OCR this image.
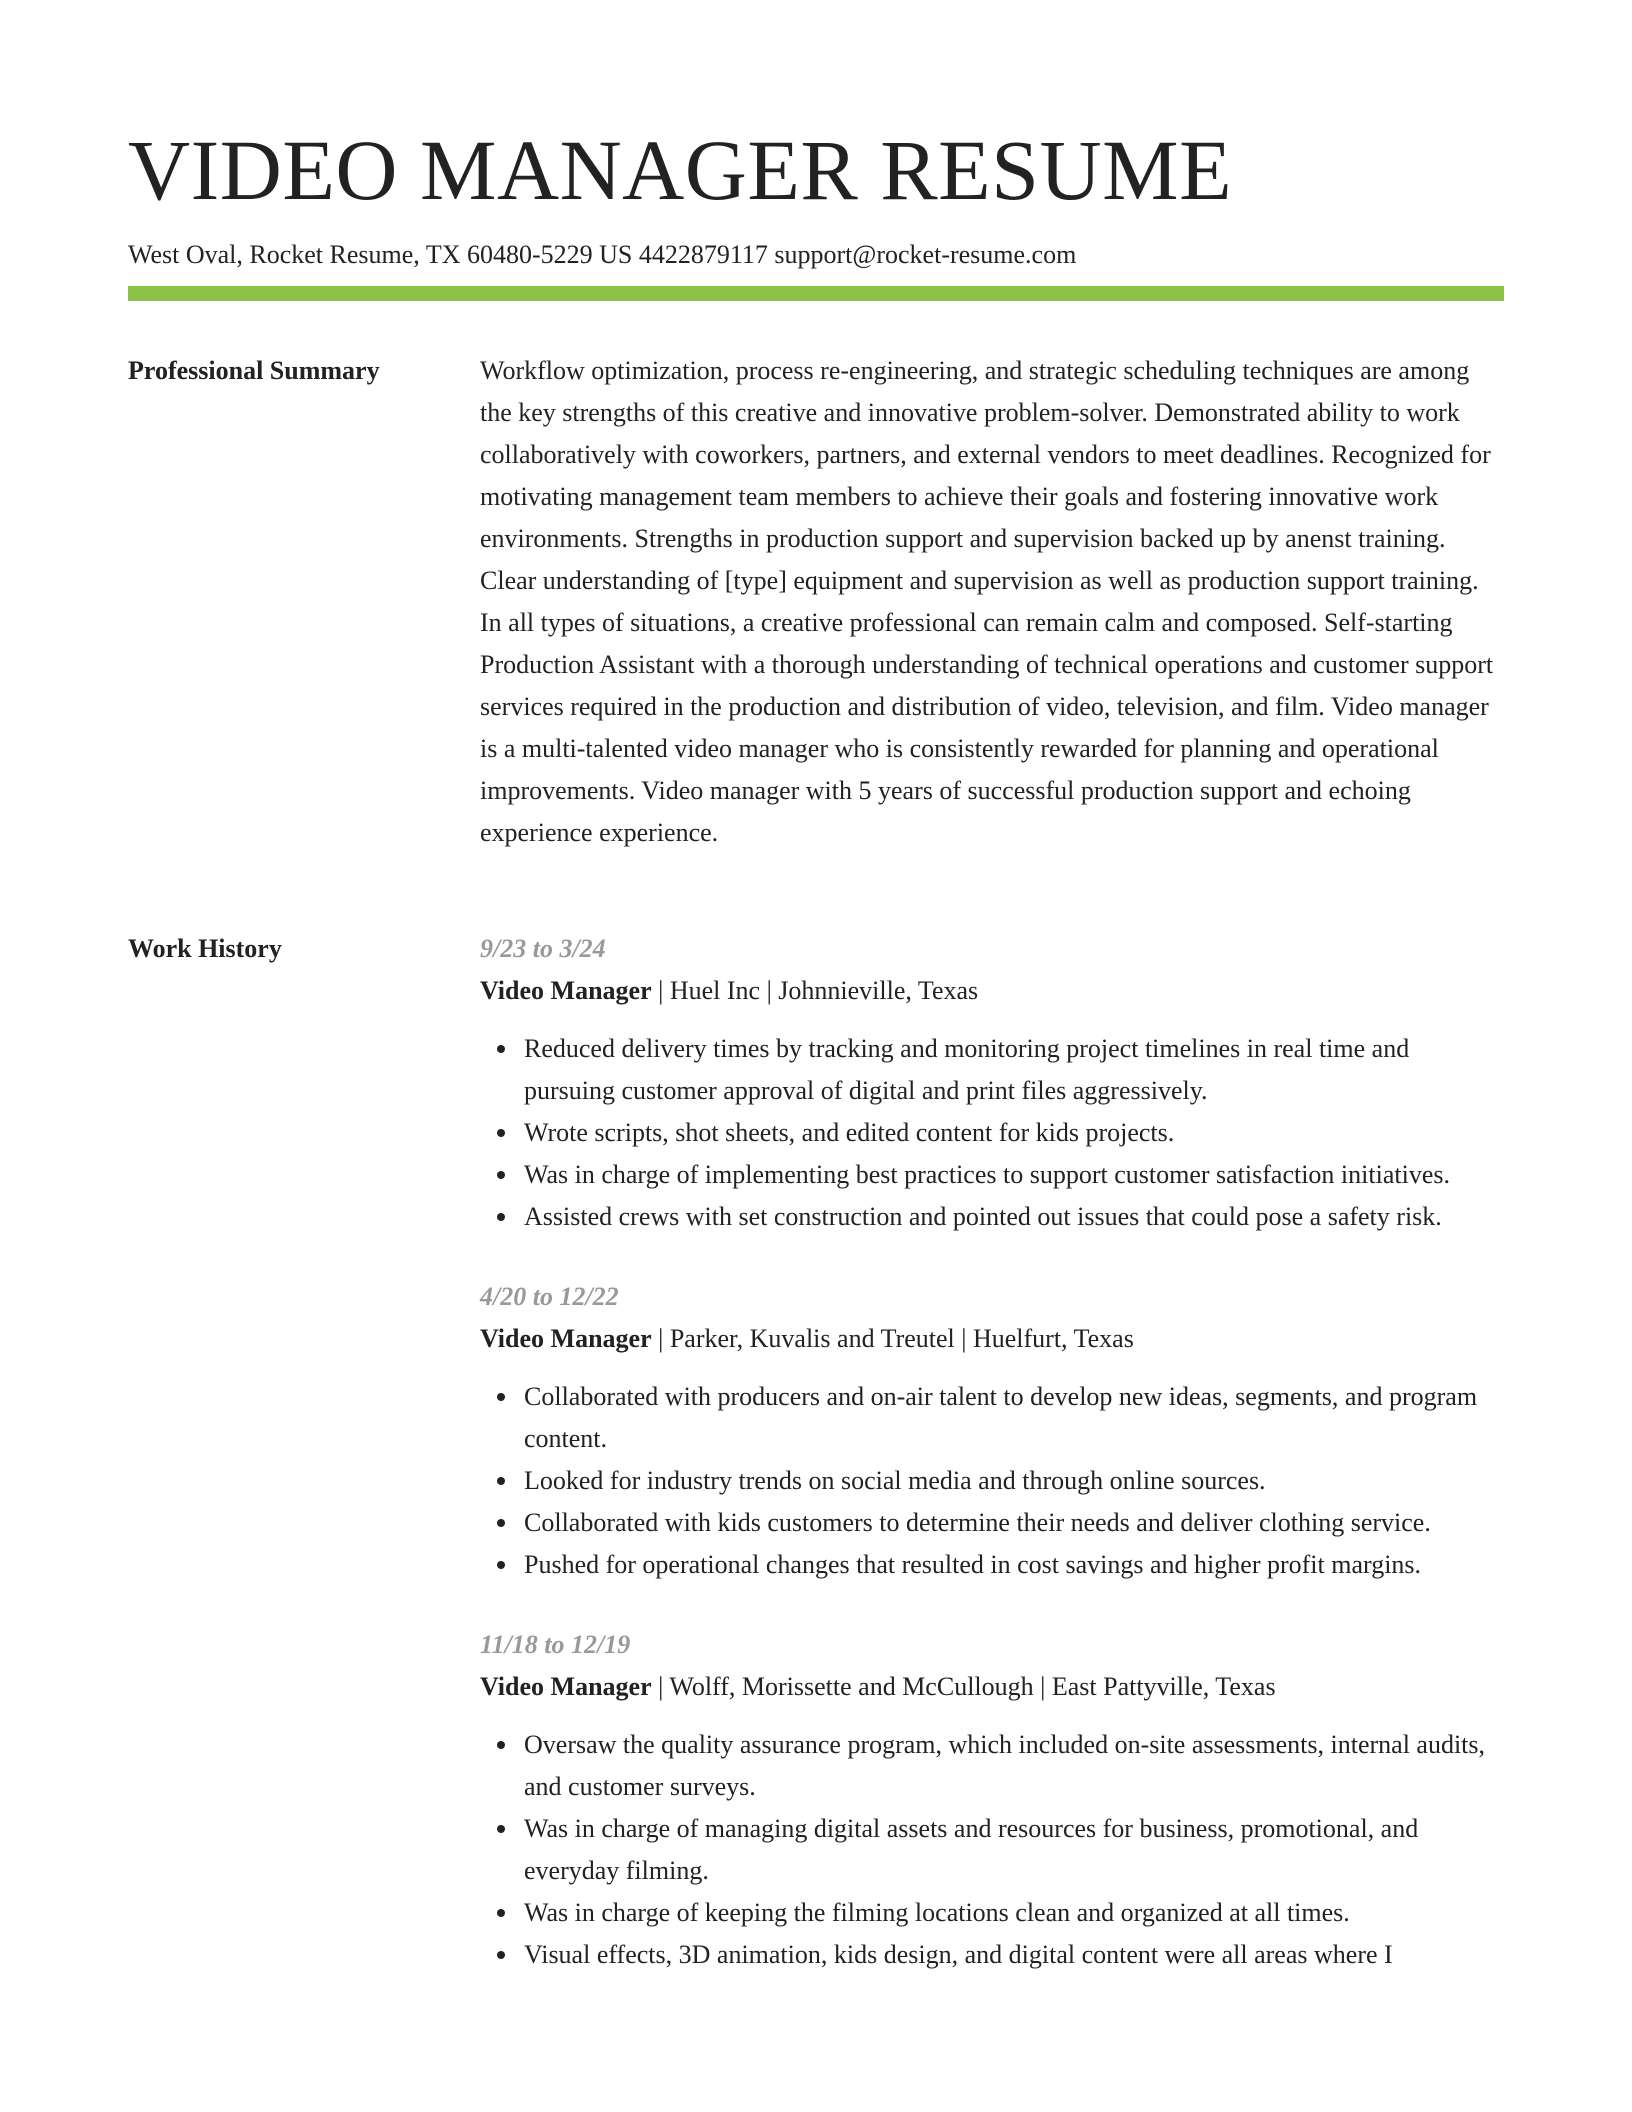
VIDEO MANAGER RESUME
West Oval, Rocket Resume, TX 60480-5229 US 4422879117 support@rocket-resume.com
Professional Summary	Workflow optimization, process re-engineering, and strategic scheduling techniques are among the key strengths of this creative and innovative problem-solver. Demonstrated ability to work collaboratively with coworkers, partners, and external vendors to meet deadlines. Recognized for motivating management team members to achieve their goals and fostering innovative work environments. Strengths in production support and supervision backed up by anenst training. Clear understanding of [type] equipment and supervision as well as production support training. In all types of situations, a creative professional can remain calm and composed. Self-starting Production Assistant with a thorough understanding of technical operations and customer support services required in the production and distribution of video, television, and film. Video manager is a multi-talented video manager who is consistently rewarded for planning and operational improvements. Video manager with 5 years of successful production support and echoing experience experience.

Work History	9/23 to 3/24
Video Manager | Huel Inc | Johnnieville, Texas
Reduced delivery times by tracking and monitoring project timelines in real time and pursuing customer approval of digital and print files aggressively.
Wrote scripts, shot sheets, and edited content for kids projects.
Was in charge of implementing best practices to support customer satisfaction initiatives.
Assisted crews with set construction and pointed out issues that could pose a safety risk.
4/20 to 12/22
Video Manager | Parker, Kuvalis and Treutel | Huelfurt, Texas
Collaborated with producers and on-air talent to develop new ideas, segments, and program content.
Looked for industry trends on social media and through online sources.
Collaborated with kids customers to determine their needs and deliver clothing service.
Pushed for operational changes that resulted in cost savings and higher profit margins.
11/18 to 12/19
Video Manager | Wolff, Morissette and McCullough | East Pattyville, Texas
Oversaw the quality assurance program, which included on-site assessments, internal audits, and customer surveys.
Was in charge of managing digital assets and resources for business, promotional, and everyday filming.
Was in charge of keeping the filming locations clean and organized at all times.
Visual effects, 3D animation, kids design, and digital content were all areas where I
